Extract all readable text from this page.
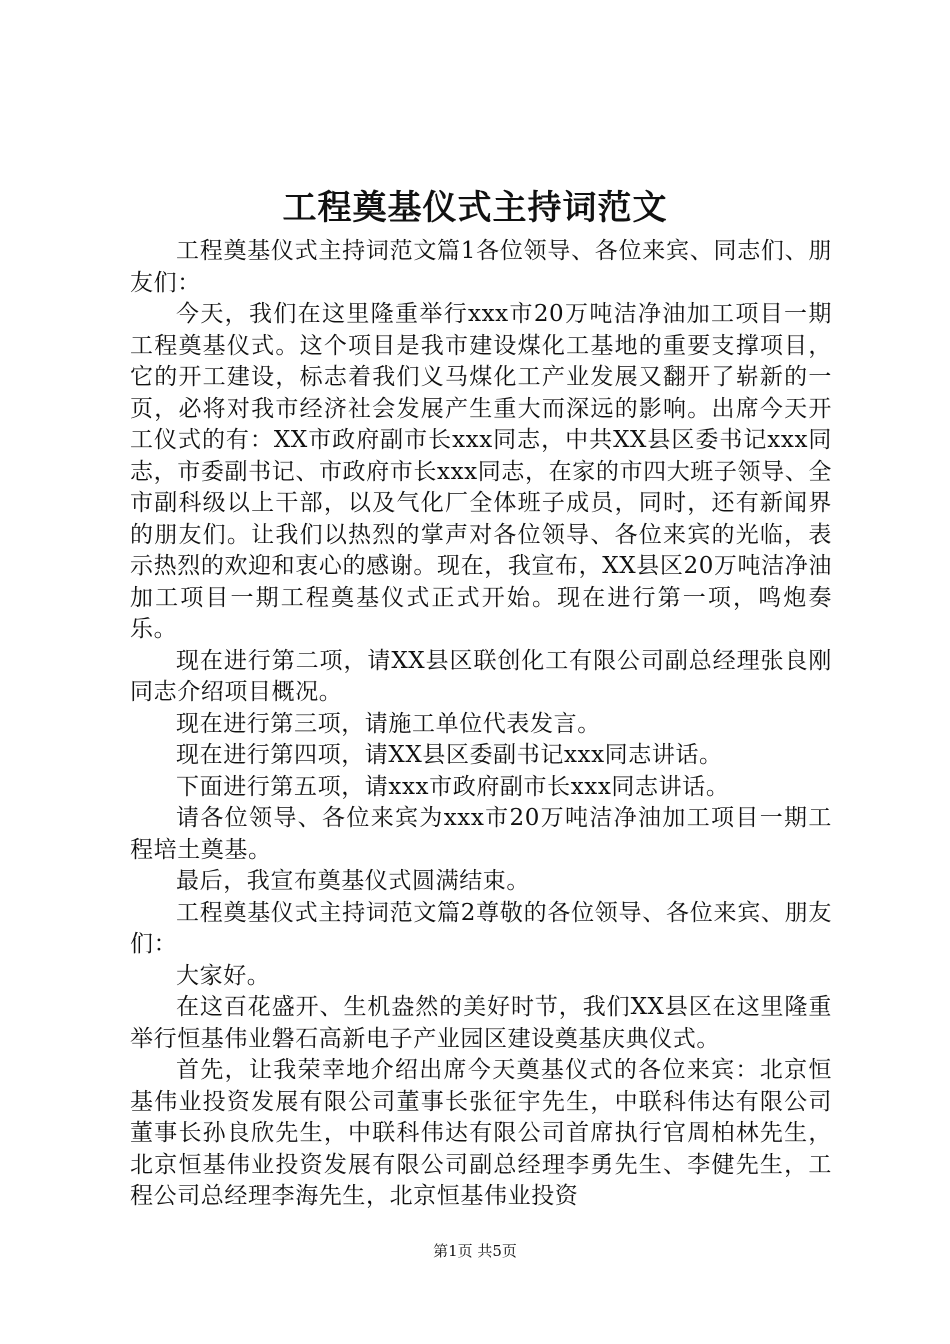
工程奠基仪式主持词范文

工程奠基仪式主持词范文篇1各位领导、各位来宾、同志们、朋友们：

今天，我们在这里隆重举行xxx市20万吨洁净油加工项目一期工程奠基仪式。这个项目是我市建设煤化工基地的重要支撑项目，它的开工建设，标志着我们义马煤化工产业发展又翻开了崭新的一页，必将对我市经济社会发展产生重大而深远的影响。出席今天开工仪式的有：XX市政府副市长xxx同志，中共XX县区委书记xxx同志，市委副书记、市政府市长xxx同志，在家的市四大班子领导、全市副科级以上干部，以及气化厂全体班子成员，同时，还有新闻界的朋友们。让我们以热烈的掌声对各位领导、各位来宾的光临，表示热烈的欢迎和衷心的感谢。现在，我宣布，XX县区20万吨洁净油加工项目一期工程奠基仪式正式开始。现在进行第一项，鸣炮奏乐。

现在进行第二项，请XX县区联创化工有限公司副总经理张良刚同志介绍项目概况。

现在进行第三项，请施工单位代表发言。

现在进行第四项，请XX县区委副书记xxx同志讲话。

下面进行第五项，请xxx市政府副市长xxx同志讲话。

请各位领导、各位来宾为xxx市20万吨洁净油加工项目一期工程培土奠基。

最后，我宣布奠基仪式圆满结束。

工程奠基仪式主持词范文篇2尊敬的各位领导、各位来宾、朋友们：

大家好。

在这百花盛开、生机盎然的美好时节，我们XX县区在这里隆重举行恒基伟业磐石高新电子产业园区建设奠基庆典仪式。

首先，让我荣幸地介绍出席今天奠基仪式的各位来宾：北京恒基伟业投资发展有限公司董事长张征宇先生，中联科伟达有限公司董事长孙良欣先生，中联科伟达有限公司首席执行官周柏林先生，北京恒基伟业投资发展有限公司副总经理李勇先生、李健先生，工程公司总经理李海先生，北京恒基伟业投资

第1页 共5页
